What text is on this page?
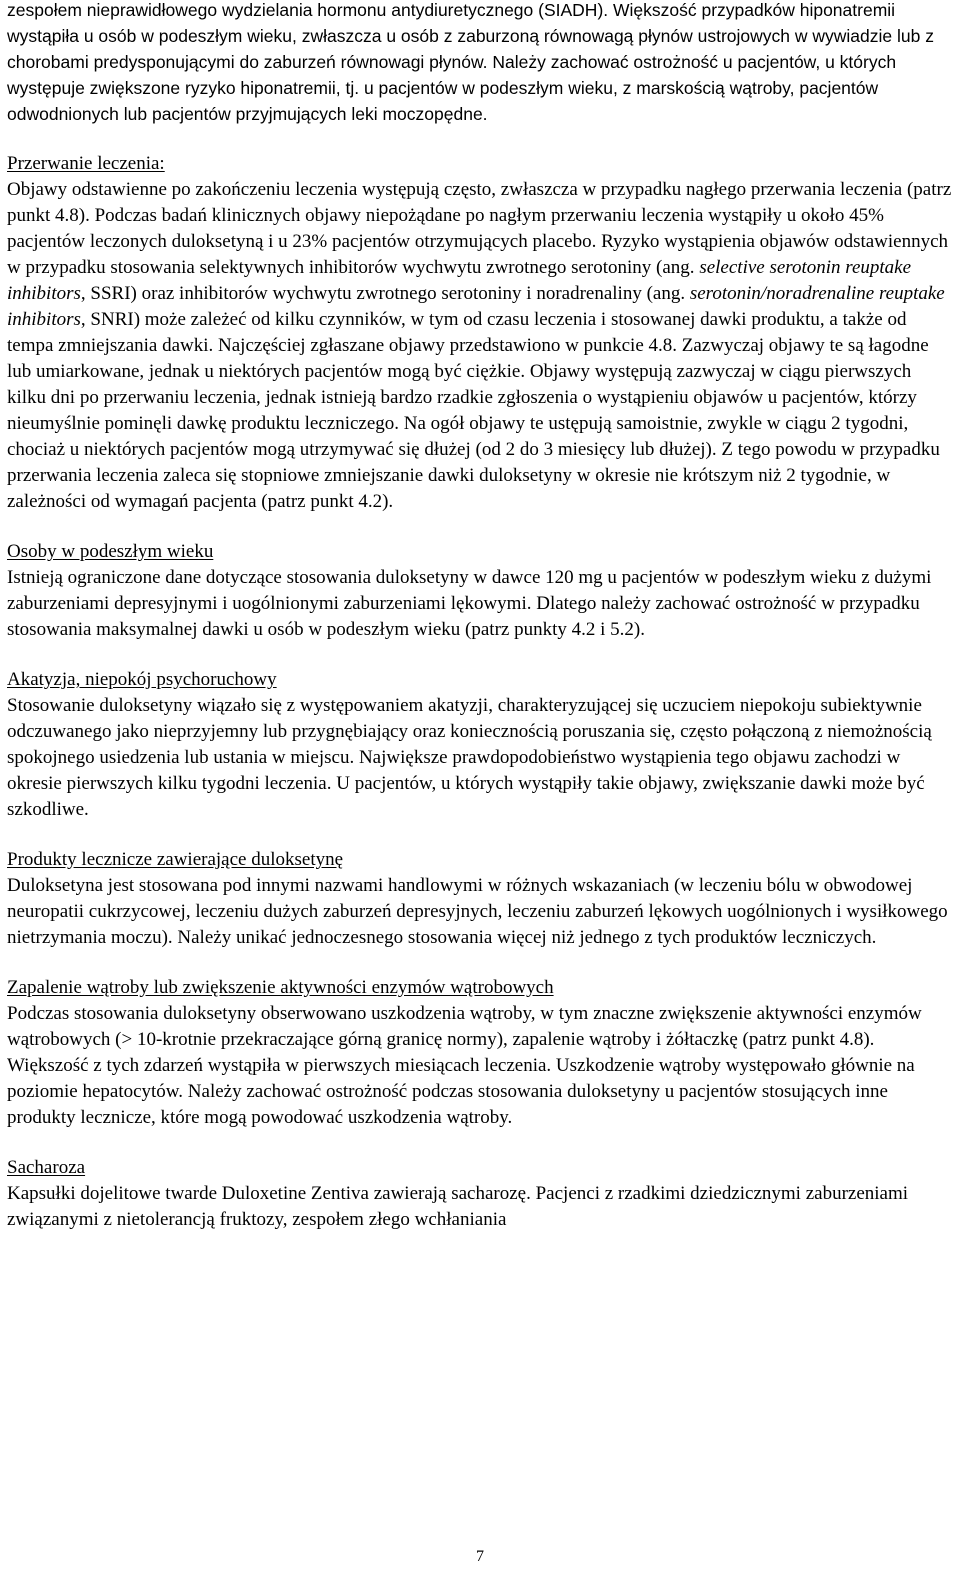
zespołem nieprawidłowego wydzielania hormonu antydiuretycznego (SIADH). Większość przypadków hiponatremii wystąpiła u osób w podeszłym wieku, zwłaszcza u osób z zaburzoną równowagą płynów ustrojowych w wywiadzie lub z chorobami predysponującymi do zaburzeń równowagi płynów. Należy zachować ostrożność u pacjentów, u których występuje zwiększone ryzyko hiponatremii, tj. u pacjentów w podeszłym wieku, z marskością wątroby, pacjentów odwodnionych lub pacjentów przyjmujących leki moczopędne.

Przerwanie leczenia:

Objawy odstawienne po zakończeniu leczenia występują często, zwłaszcza w przypadku nagłego przerwania leczenia (patrz punkt 4.8). Podczas badań klinicznych objawy niepożądane po nagłym przerwaniu leczenia wystąpiły u około 45% pacjentów leczonych duloksetyną i u 23% pacjentów otrzymujących placebo. Ryzyko wystąpienia objawów odstawiennych w przypadku stosowania selektywnych inhibitorów wychwytu zwrotnego serotoniny (ang. selective serotonin reuptake inhibitors, SSRI) oraz inhibitorów wychwytu zwrotnego serotoniny i noradrenaliny (ang. serotonin/noradrenaline reuptake inhibitors, SNRI) może zależeć od kilku czynników, w tym od czasu leczenia i stosowanej dawki produktu, a także od tempa zmniejszania dawki. Najczęściej zgłaszane objawy przedstawiono w punkcie 4.8. Zazwyczaj objawy te są łagodne lub umiarkowane, jednak u niektórych pacjentów mogą być ciężkie. Objawy występują zazwyczaj w ciągu pierwszych kilku dni po przerwaniu leczenia, jednak istnieją bardzo rzadkie zgłoszenia o wystąpieniu objawów u pacjentów, którzy nieumyślnie pominęli dawkę produktu leczniczego. Na ogół objawy te ustępują samoistnie, zwykle w ciągu 2 tygodni, chociaż u niektórych pacjentów mogą utrzymywać się dłużej (od 2 do 3 miesięcy lub dłużej). Z tego powodu w przypadku przerwania leczenia zaleca się stopniowe zmniejszanie dawki duloksetyny w okresie nie krótszym niż 2 tygodnie, w zależności od wymagań pacjenta (patrz punkt 4.2).

Osoby w podeszłym wieku

Istnieją ograniczone dane dotyczące stosowania duloksetyny w dawce 120 mg u pacjentów w podeszłym wieku z dużymi zaburzeniami depresyjnymi i uogólnionymi zaburzeniami lękowymi. Dlatego należy zachować ostrożność w przypadku stosowania maksymalnej dawki u osób w podeszłym wieku (patrz punkty 4.2 i 5.2).

Akatyzja, niepokój psychoruchowy

Stosowanie duloksetyny wiązało się z występowaniem akatyzji, charakteryzującej się uczuciem niepokoju subiektywnie odczuwanego jako nieprzyjemny lub przygnębiający oraz koniecznością poruszania się, często połączoną z niemożnością spokojnego usiedzenia lub ustania w miejscu. Największe prawdopodobieństwo wystąpienia tego objawu zachodzi w okresie pierwszych kilku tygodni leczenia. U pacjentów, u których wystąpiły takie objawy, zwiększanie dawki może być szkodliwe.

Produkty lecznicze zawierające duloksetynę

Duloksetyna jest stosowana pod innymi nazwami handlowymi w różnych wskazaniach (w leczeniu bólu w obwodowej neuropatii cukrzycowej, leczeniu dużych zaburzeń depresyjnych, leczeniu zaburzeń lękowych uogólnionych i wysiłkowego nietrzymania moczu). Należy unikać jednoczesnego stosowania więcej niż jednego z tych produktów leczniczych.

Zapalenie wątroby lub zwiększenie aktywności enzymów wątrobowych

Podczas stosowania duloksetyny obserwowano uszkodzenia wątroby, w tym znaczne zwiększenie aktywności enzymów wątrobowych (> 10-krotnie przekraczające górną granicę normy), zapalenie wątroby i żółtaczkę (patrz punkt 4.8). Większość z tych zdarzeń wystąpiła w pierwszych miesiącach leczenia. Uszkodzenie wątroby występowało głównie na poziomie hepatocytów. Należy zachować ostrożność podczas stosowania duloksetyny u pacjentów stosujących inne produkty lecznicze, które mogą powodować uszkodzenia wątroby.

Sacharoza

Kapsułki dojelitowe twarde Duloxetine Zentiva zawierają sacharozę. Pacjenci z rzadkimi dziedzicznymi zaburzeniami związanymi z nietolerancją fruktozy, zespołem złego wchłaniania

7
